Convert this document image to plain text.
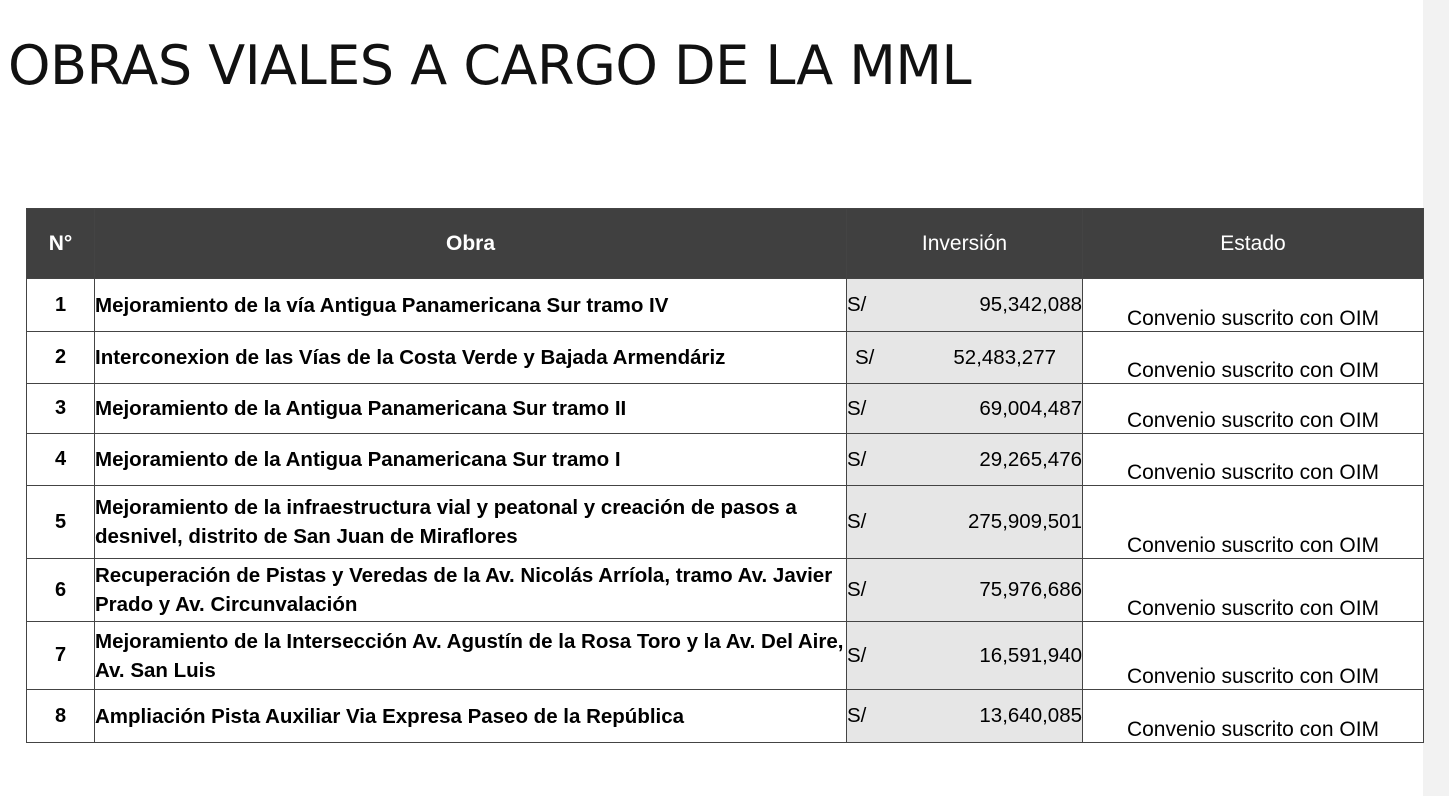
OBRAS VIALES A CARGO DE LA MML
N°	Obra	Inversión	Estado
1	Mejoramiento de la vía Antigua Panamericana Sur tramo IV	S/ 95,342,088	Convenio suscrito con OIM
2	Interconexion de las Vías de la Costa Verde y Bajada Armendáriz	S/ 52,483,277	Convenio suscrito con OIM
3	Mejoramiento de la Antigua Panamericana Sur tramo II	S/ 69,004,487	Convenio suscrito con OIM
4	Mejoramiento de la Antigua Panamericana Sur tramo I	S/ 29,265,476	Convenio suscrito con OIM
5	Mejoramiento de la infraestructura vial y peatonal y creación de pasos a desnivel, distrito de San Juan de Miraflores	S/ 275,909,501	Convenio suscrito con OIM
6	Recuperación de Pistas y Veredas de la Av. Nicolás Arríola, tramo Av. Javier Prado y Av. Circunvalación	S/ 75,976,686	Convenio suscrito con OIM
7	Mejoramiento de la Intersección Av. Agustín de la Rosa Toro y la Av. Del Aire, Av. San Luis	S/ 16,591,940	Convenio suscrito con OIM
8	Ampliación Pista Auxiliar Via Expresa Paseo de la República	S/ 13,640,085	Convenio suscrito con OIM
